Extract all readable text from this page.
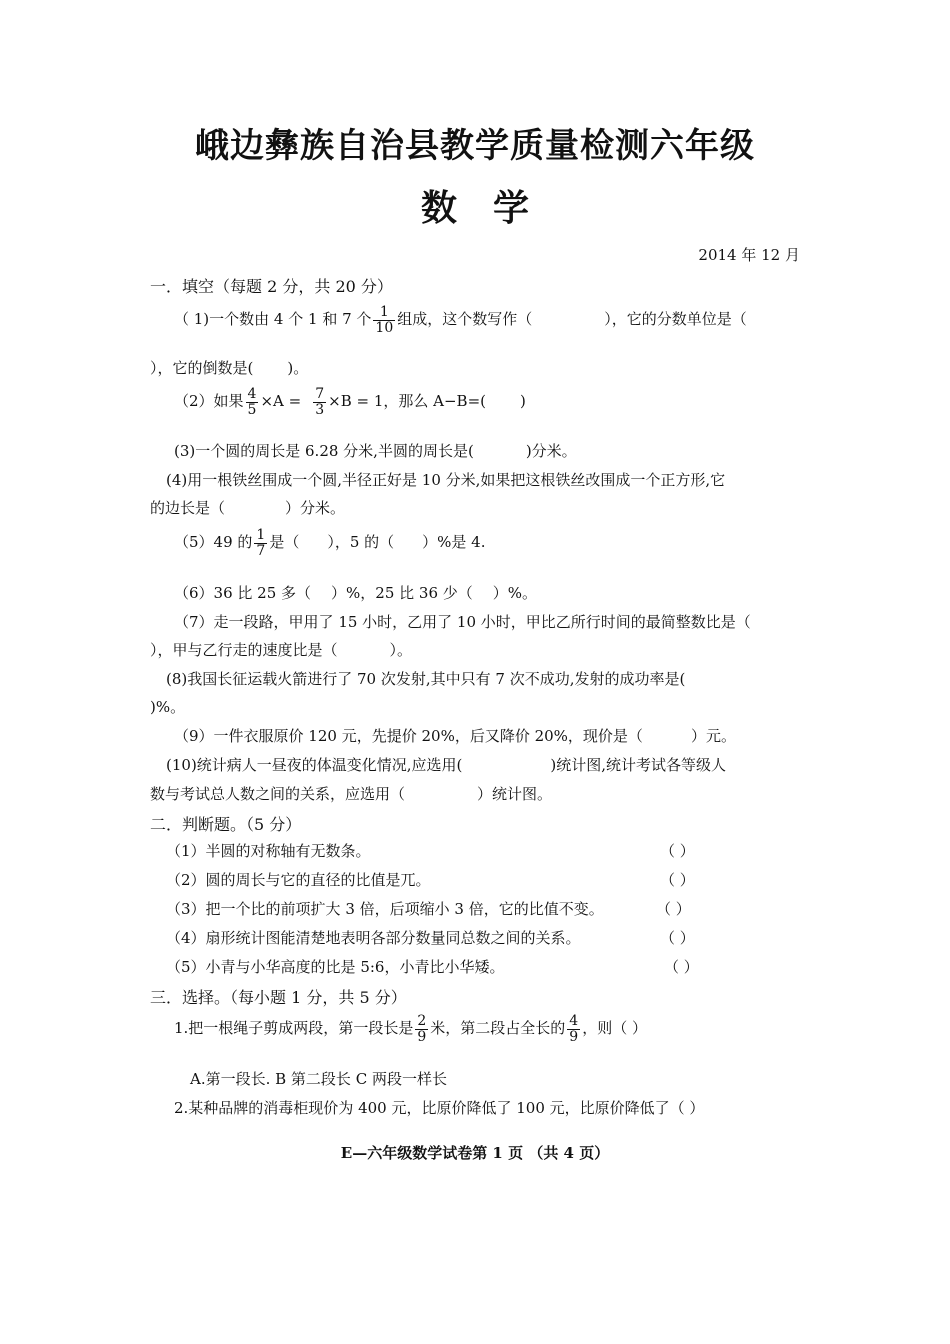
峨边彝族自治县教学质量检测六年级
数 学
2014 年 12 月
一．填空（每题 2 分，共 20 分）
（ 1)一个数由 4 个 1 和 7 个 $\frac{1}{10}$ 组成，这个数写作（	），它的分数单位是（
），它的倒数是( )。
（2）如果 $\frac{4}{5} \times A = \frac{7}{3} \times B = 1$，那么 A−B=( )
(3)一个圆的周长是 6.28 分米,半圆的周长是(	)分米。
(4)用一根铁丝围成一个圆,半径正好是 10 分米,如果把这根铁丝改围成一个正方形,它
的边长是（	）分米。
（5）49 的 $\frac{1}{7}$ 是（ ），5 的（ ）%是 4.
（6）36 比 25 多（ ）%，25 比 36 少（ ）%。
（7）走一段路，甲用了 15 小时，乙用了 10 小时，甲比乙所行时间的最简整数比是（
），甲与乙行走的速度比是（	）。
(8)我国长征运载火箭进行了 70 次发射,其中只有 7 次不成功,发射的成功率是(
)%。
（9）一件衣服原价 120 元，先提价 20%，后又降价 20%，现价是（	）元。
(10)统计病人一昼夜的体温变化情况,应选用(	)统计图,统计考试各等级人
数与考试总人数之间的关系，应选用（	）统计图。
二．判断题。（5 分）
（1）半圆的对称轴有无数条。	（ ）
（2）圆的周长与它的直径的比值是兀。	（ ）
（3）把一个比的前项扩大 3 倍，后项缩小 3 倍，它的比值不变。	（ ）
（4）扇形统计图能清楚地表明各部分数量同总数之间的关系。	（ ）
（5）小青与小华高度的比是 5:6，小青比小华矮。	（ ）
三．选择。（每小题 1 分，共 5 分）
1.把一根绳子剪成两段，第一段长是 $\frac{2}{9}$ 米，第二段占全长的 $\frac{4}{9}$ ，则（ ）
A.第一段长. B 第二段长 C 两段一样长
2.某种品牌的消毒柜现价为 400 元，比原价降低了 100 元，比原价降低了（ ）
E—六年级数学试卷第 1 页 （共 4 页）
